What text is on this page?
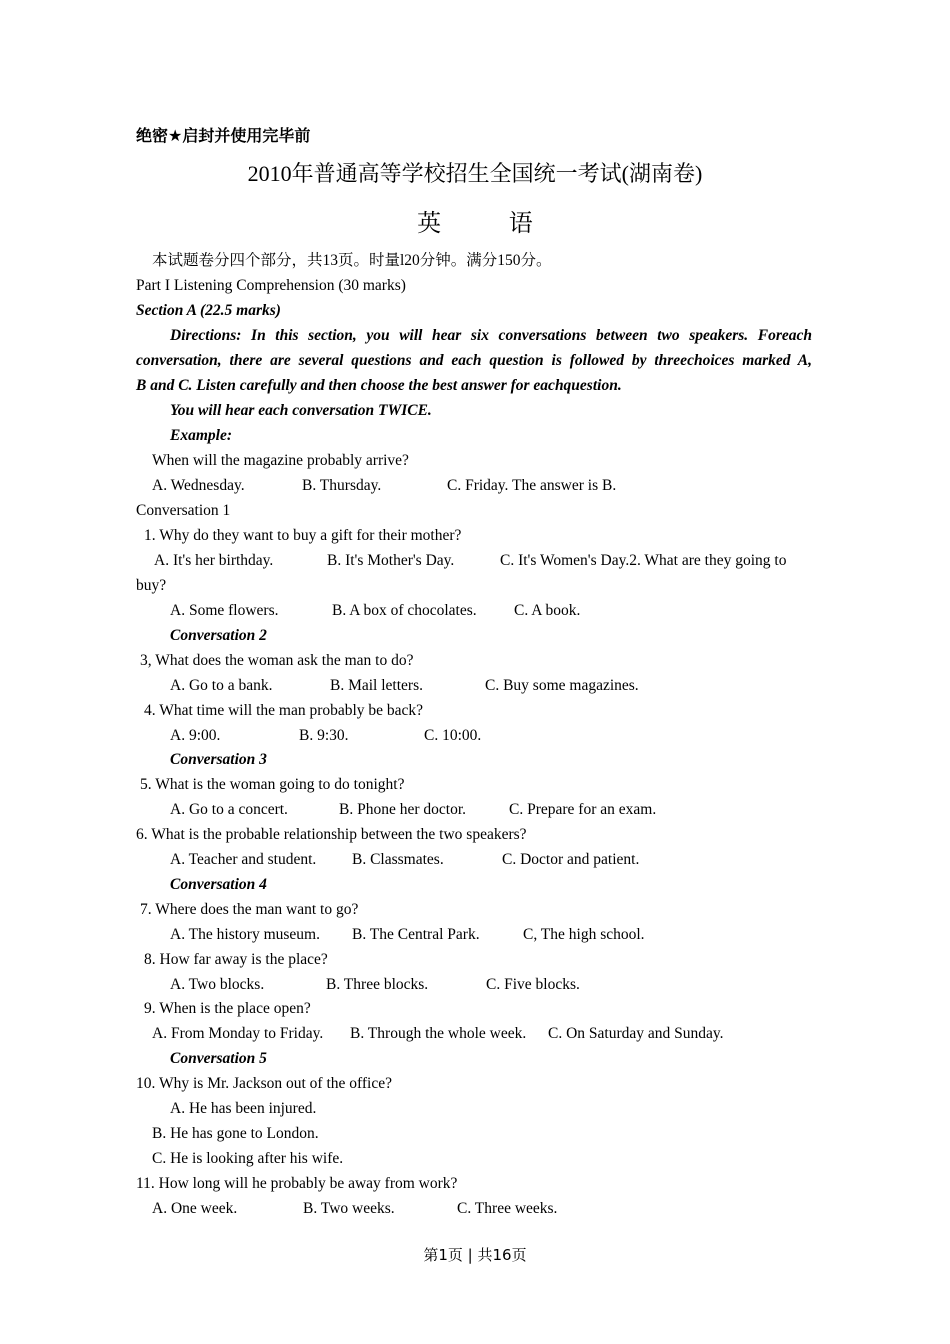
绝密★启封并使用完毕前
2010年普通高等学校招生全国统一考试(湖南卷)
英 语
本试题卷分四个部分，共13页。时量l20分钟。满分150分。
Part I Listening Comprehension (30 marks)
Section A (22.5 marks)
Directions: In this section, you will hear six conversations between two speakers. Foreach
conversation, there are several questions and each question is followed by threechoices marked A,
B and C. Listen carefully and then choose the best answer for eachquestion.
You will hear each conversation TWICE.
Example:
When will the magazine probably arrive?
A. Wednesday.	B. Thursday.	C. Friday. The answer is B.
Conversation 1
1. Why do they want to buy a gift for their mother?
A. It's her birthday.	B. It's Mother's Day.	C. It's Women's Day.2. What are they going to
buy?
A. Some flowers.	B. A box of chocolates. C. A book.
Conversation 2
3, What does the woman ask the man to do?
A. Go to a bank.	B. Mail letters.	C. Buy some magazines.
4. What time will the man probably be back?
A. 9:00.	B. 9:30.	C. 10:00.
Conversation 3
5. What is the woman going to do tonight?
A. Go to a concert.	B. Phone her doctor.	C. Prepare for an exam.
6. What is the probable relationship between the two speakers?
A. Teacher and student. B. Classmates.	C. Doctor and patient.
Conversation 4
7. Where does the man want to go?
A. The history museum. B. The Central Park.	C, The high school.
8. How far away is the place?
A. Two blocks.	B. Three blocks.	C. Five blocks.
9. When is the place open?
A. From Monday to Friday. B. Through the whole week. C. On Saturday and Sunday.
Conversation 5
10. Why is Mr. Jackson out of the office?
A. He has been injured.
B. He has gone to London.
C. He is looking after his wife.
11. How long will he probably be away from work?
A. One week.	B. Two weeks.	C. Three weeks.
第1页 | 共16页
